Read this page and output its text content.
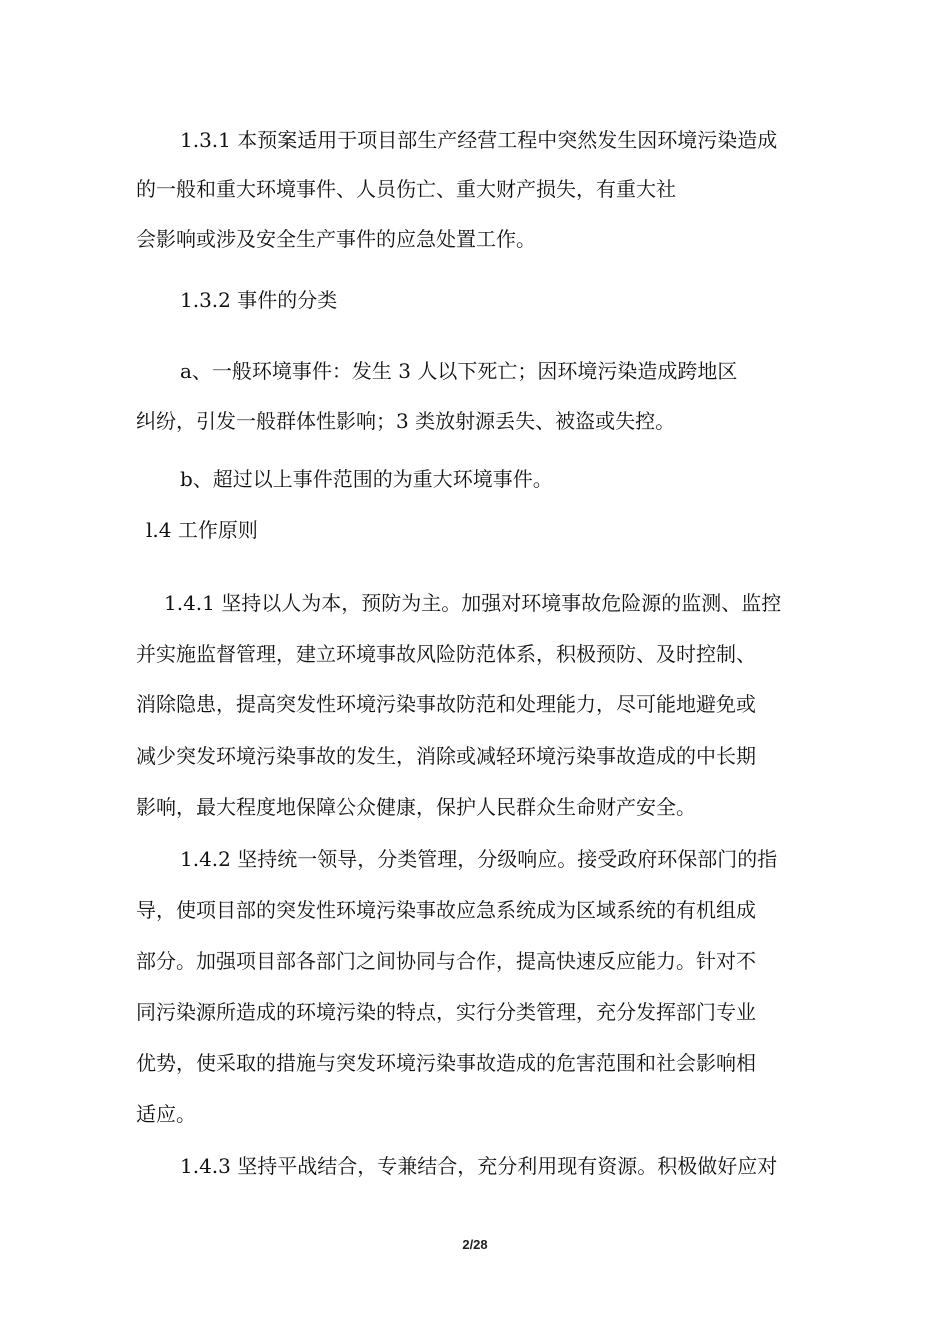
1.3.1 本预案适用于项目部生产经营工程中突然发生因环境污染造成

的一般和重大环境事件、人员伤亡、重大财产损失，有重大社

会影响或涉及安全生产事件的应急处置工作。

1.3.2 事件的分类

a、一般环境事件：发生 3 人以下死亡；因环境污染造成跨地区

纠纷，引发一般群体性影响；3 类放射源丢失、被盗或失控。

b、超过以上事件范围的为重大环境事件。

l.4 工作原则

1.4.1 坚持以人为本，预防为主。加强对环境事故危险源的监测、监控

并实施监督管理，建立环境事故风险防范体系，积极预防、及时控制、

消除隐患，提高突发性环境污染事故防范和处理能力，尽可能地避免或

减少突发环境污染事故的发生，消除或减轻环境污染事故造成的中长期

影响，最大程度地保障公众健康，保护人民群众生命财产安全。

1.4.2 坚持统一领导，分类管理，分级响应。接受政府环保部门的指

导，使项目部的突发性环境污染事故应急系统成为区域系统的有机组成

部分。加强项目部各部门之间协同与合作，提高快速反应能力。针对不

同污染源所造成的环境污染的特点，实行分类管理，充分发挥部门专业

优势，使采取的措施与突发环境污染事故造成的危害范围和社会影响相

适应。

1.4.3 坚持平战结合，专兼结合，充分利用现有资源。积极做好应对

2/28
